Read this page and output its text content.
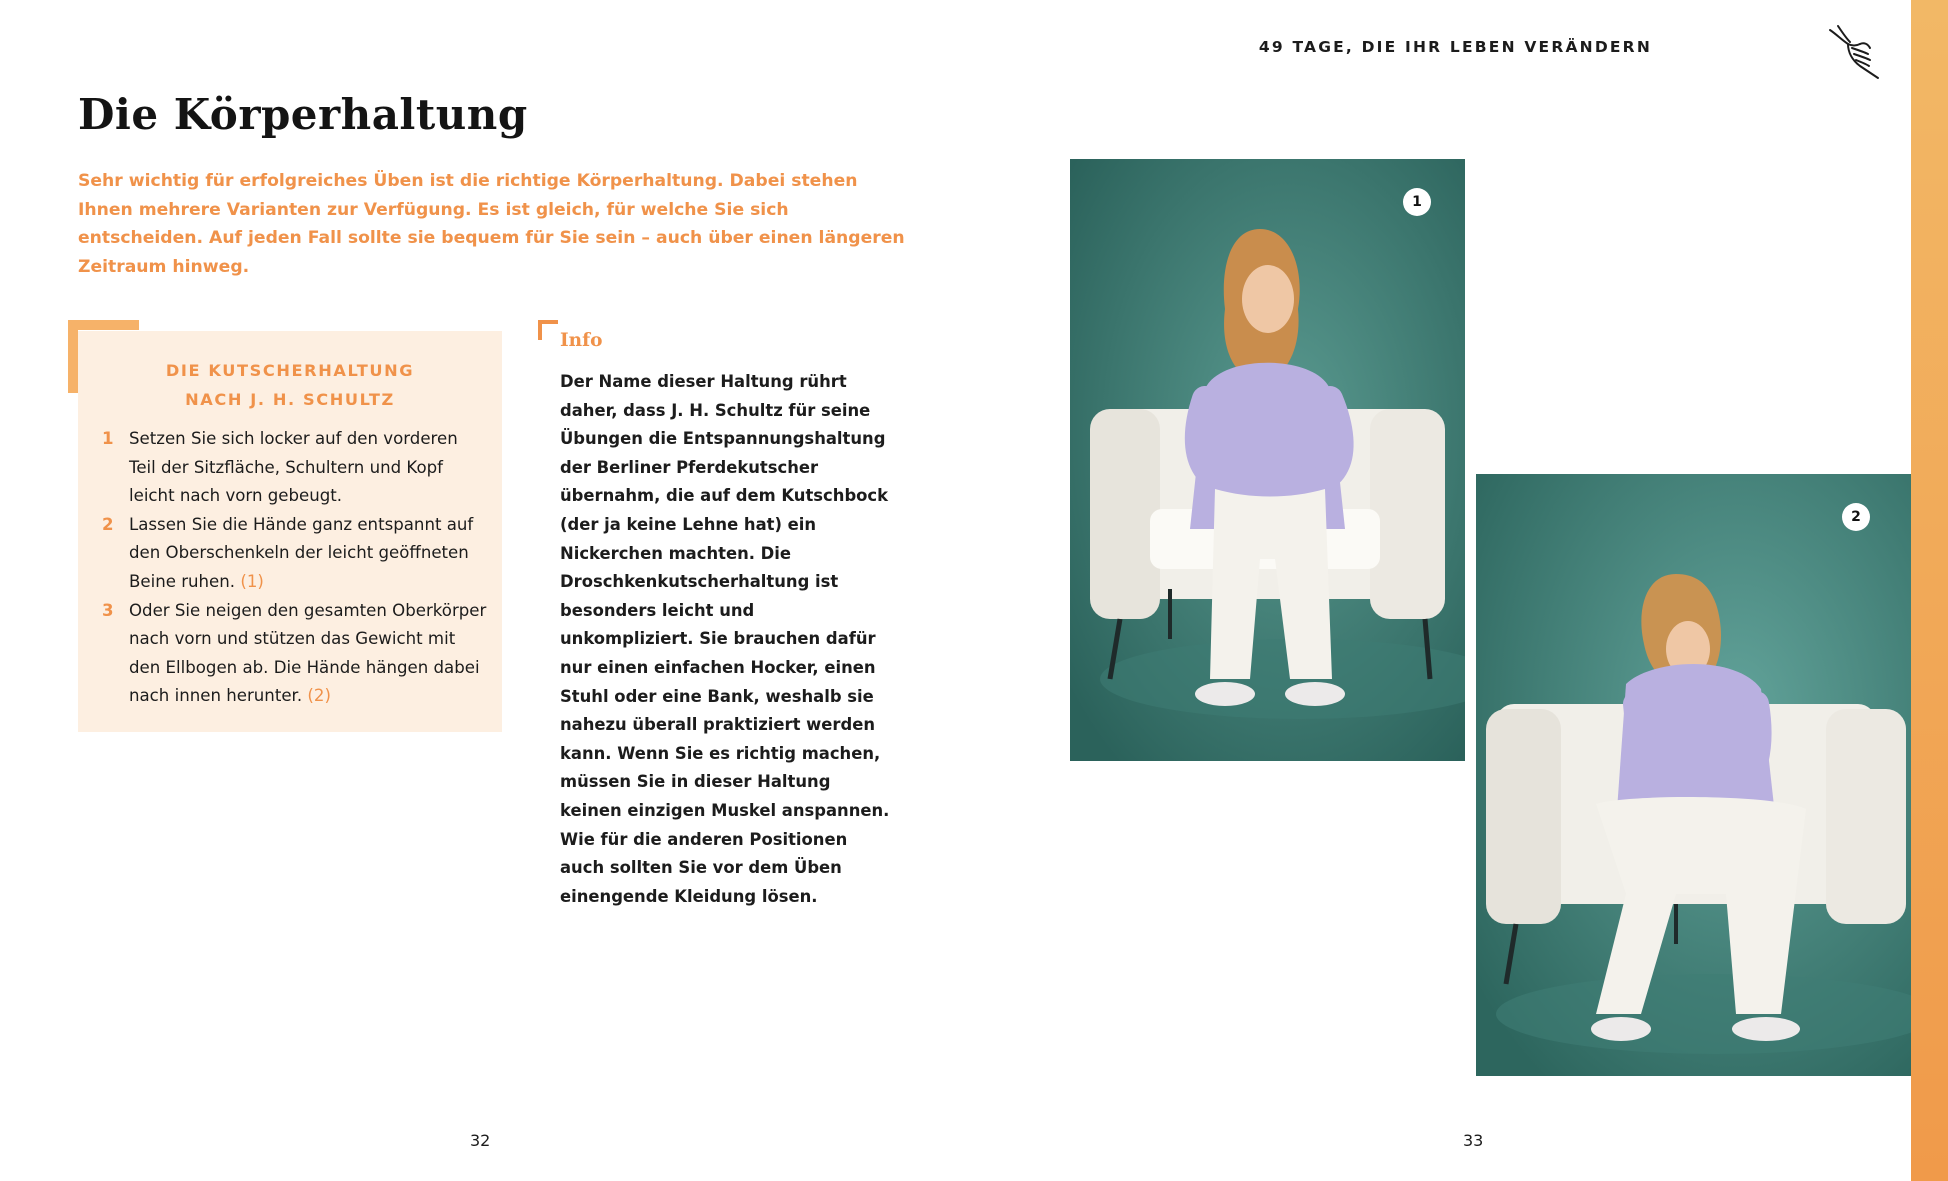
49 TAGE, DIE IHR LEBEN VERÄNDERN
Die Körperhaltung

Sehr wichtig für erfolgreiches Üben ist die richtige Körperhaltung. Dabei stehen Ihnen mehrere Varianten zur Verfügung. Es ist gleich, für welche Sie sich entscheiden. Auf jeden Fall sollte sie bequem für Sie sein – auch über einen längeren Zeitraum hinweg.

DIE KUTSCHERHALTUNG
NACH J. H. SCHULTZ
1 Setzen Sie sich locker auf den vorderen Teil der Sitzfläche, Schultern und Kopf leicht nach vorn gebeugt.
2 Lassen Sie die Hände ganz entspannt auf den Oberschenkeln der leicht geöffneten Beine ruhen. (1)
3 Oder Sie neigen den gesamten Oberkörper nach vorn und stützen das Gewicht mit den Ellbogen ab. Die Hände hängen dabei nach innen herunter. (2)
Info

Der Name dieser Haltung rührt daher, dass J. H. Schultz für seine Übungen die Entspannungshaltung der Berliner Pferdekutscher übernahm, die auf dem Kutschbock (der ja keine Lehne hat) ein Nickerchen machten. Die Droschkenkutscherhaltung ist besonders leicht und unkompliziert. Sie brauchen dafür nur einen einfachen Hocker, einen Stuhl oder eine Bank, weshalb sie nahezu überall praktiziert werden kann. Wenn Sie es richtig machen, müssen Sie in dieser Haltung keinen einzigen Muskel anspannen. Wie für die anderen Positionen auch sollten Sie vor dem Üben einengende Kleidung lösen.

1
2
32	33
